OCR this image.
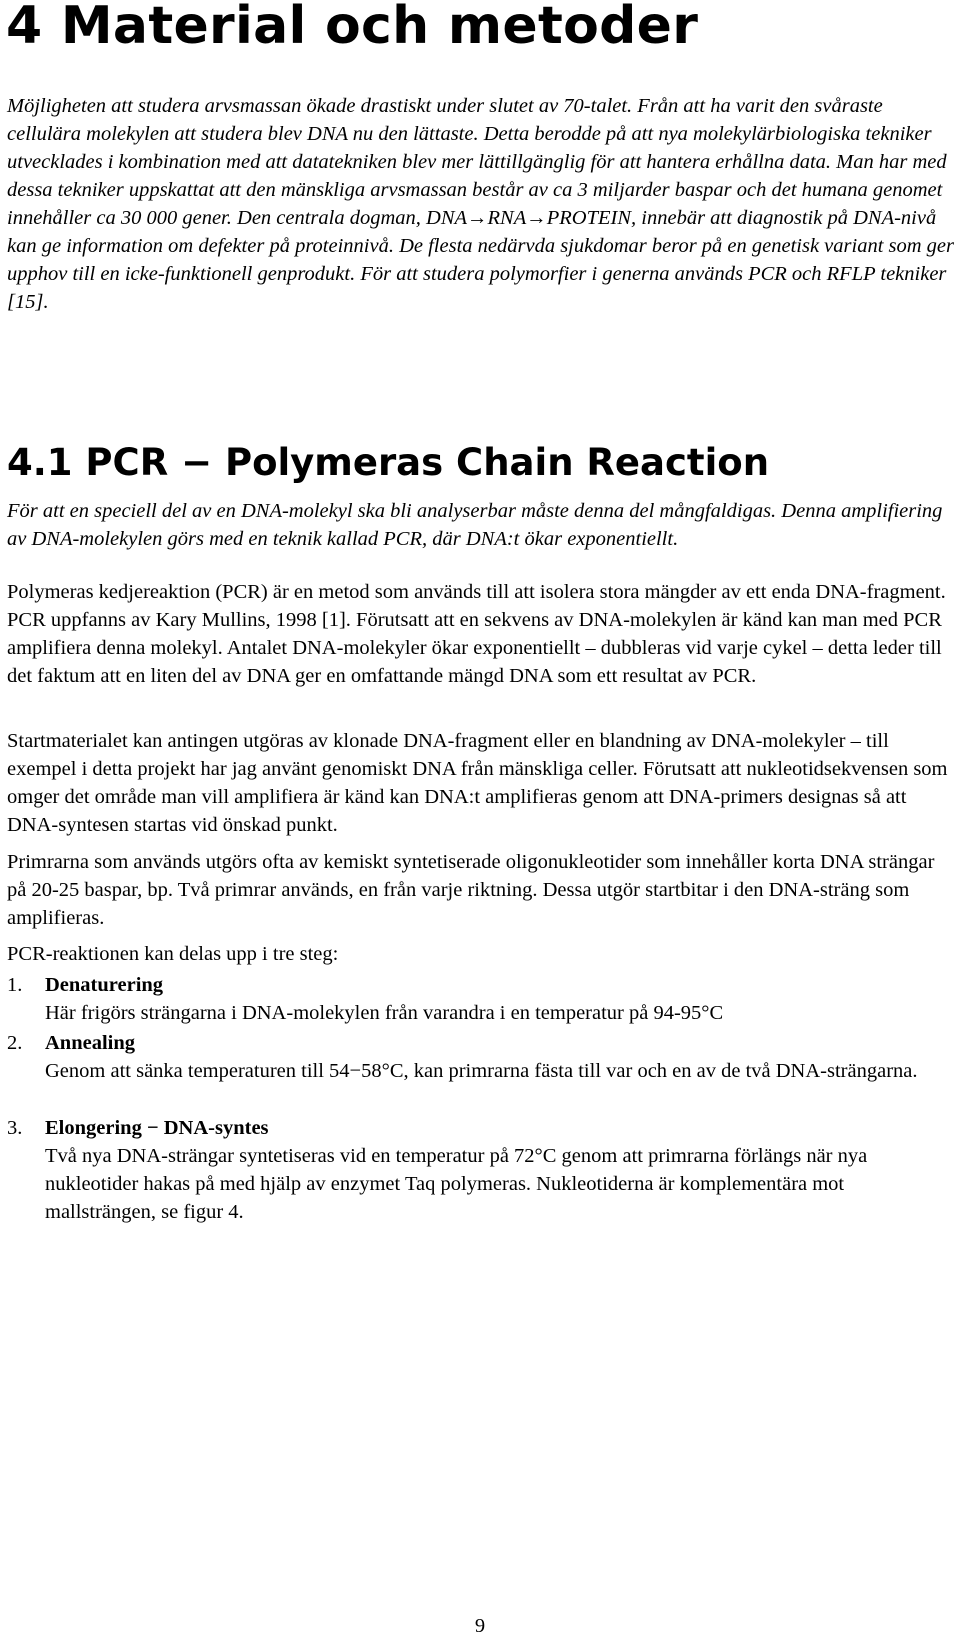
4 Material och metoder

Möjligheten att studera arvsmassan ökade drastiskt under slutet av 70-talet. Från att ha varit den svåraste cellulära molekylen att studera blev DNA nu den lättaste. Detta berodde på att nya molekylärbiologiska tekniker utvecklades i kombination med att datatekniken blev mer lättillgänglig för att hantera erhållna data. Man har med dessa tekniker uppskattat att den mänskliga arvsmassan består av ca 3 miljarder baspar och det humana genomet innehåller ca 30 000 gener. Den centrala dogman, DNA→RNA→PROTEIN, innebär att diagnostik på DNA-nivå kan ge information om defekter på proteinnivå. De flesta nedärvda sjukdomar beror på en genetisk variant som ger upphov till en icke-funktionell genprodukt. För att studera polymorfier i generna används PCR och RFLP tekniker [15].

4.1 PCR − Polymeras Chain Reaction

För att en speciell del av en DNA-molekyl ska bli analyserbar måste denna del mångfaldigas. Denna amplifiering av DNA-molekylen görs med en teknik kallad PCR, där DNA:t ökar exponentiellt.

Polymeras kedjereaktion (PCR) är en metod som används till att isolera stora mängder av ett enda DNA-fragment. PCR uppfanns av Kary Mullins, 1998 [1]. Förutsatt att en sekvens av DNA-molekylen är känd kan man med PCR amplifiera denna molekyl. Antalet DNA-molekyler ökar exponentiellt – dubbleras vid varje cykel – detta leder till det faktum att en liten del av DNA ger en omfattande mängd DNA som ett resultat av PCR.

Startmaterialet kan antingen utgöras av klonade DNA-fragment eller en blandning av DNA-molekyler – till exempel i detta projekt har jag använt genomiskt DNA från mänskliga celler. Förutsatt att nukleotidsekvensen som omger det område man vill amplifiera är känd kan DNA:t amplifieras genom att DNA-primers designas så att DNA-syntesen startas vid önskad punkt.

Primrarna som används utgörs ofta av kemiskt syntetiserade oligonukleotider som innehåller korta DNA strängar på 20-25 baspar, bp. Två primrar används, en från varje riktning. Dessa utgör startbitar i den DNA-sträng som amplifieras.

PCR-reaktionen kan delas upp i tre steg:

1. Denaturering
Här frigörs strängarna i DNA-molekylen från varandra i en temperatur på 94-95°C
2. Annealing
Genom att sänka temperaturen till 54−58°C, kan primrarna fästa till var och en av de två DNA-strängarna.
3. Elongering − DNA-syntes
Två nya DNA-strängar syntetiseras vid en temperatur på 72°C genom att primrarna förlängs när nya nukleotider hakas på med hjälp av enzymet Taq polymeras. Nukleotiderna är komplementära mot mallsträngen, se figur 4.
9
